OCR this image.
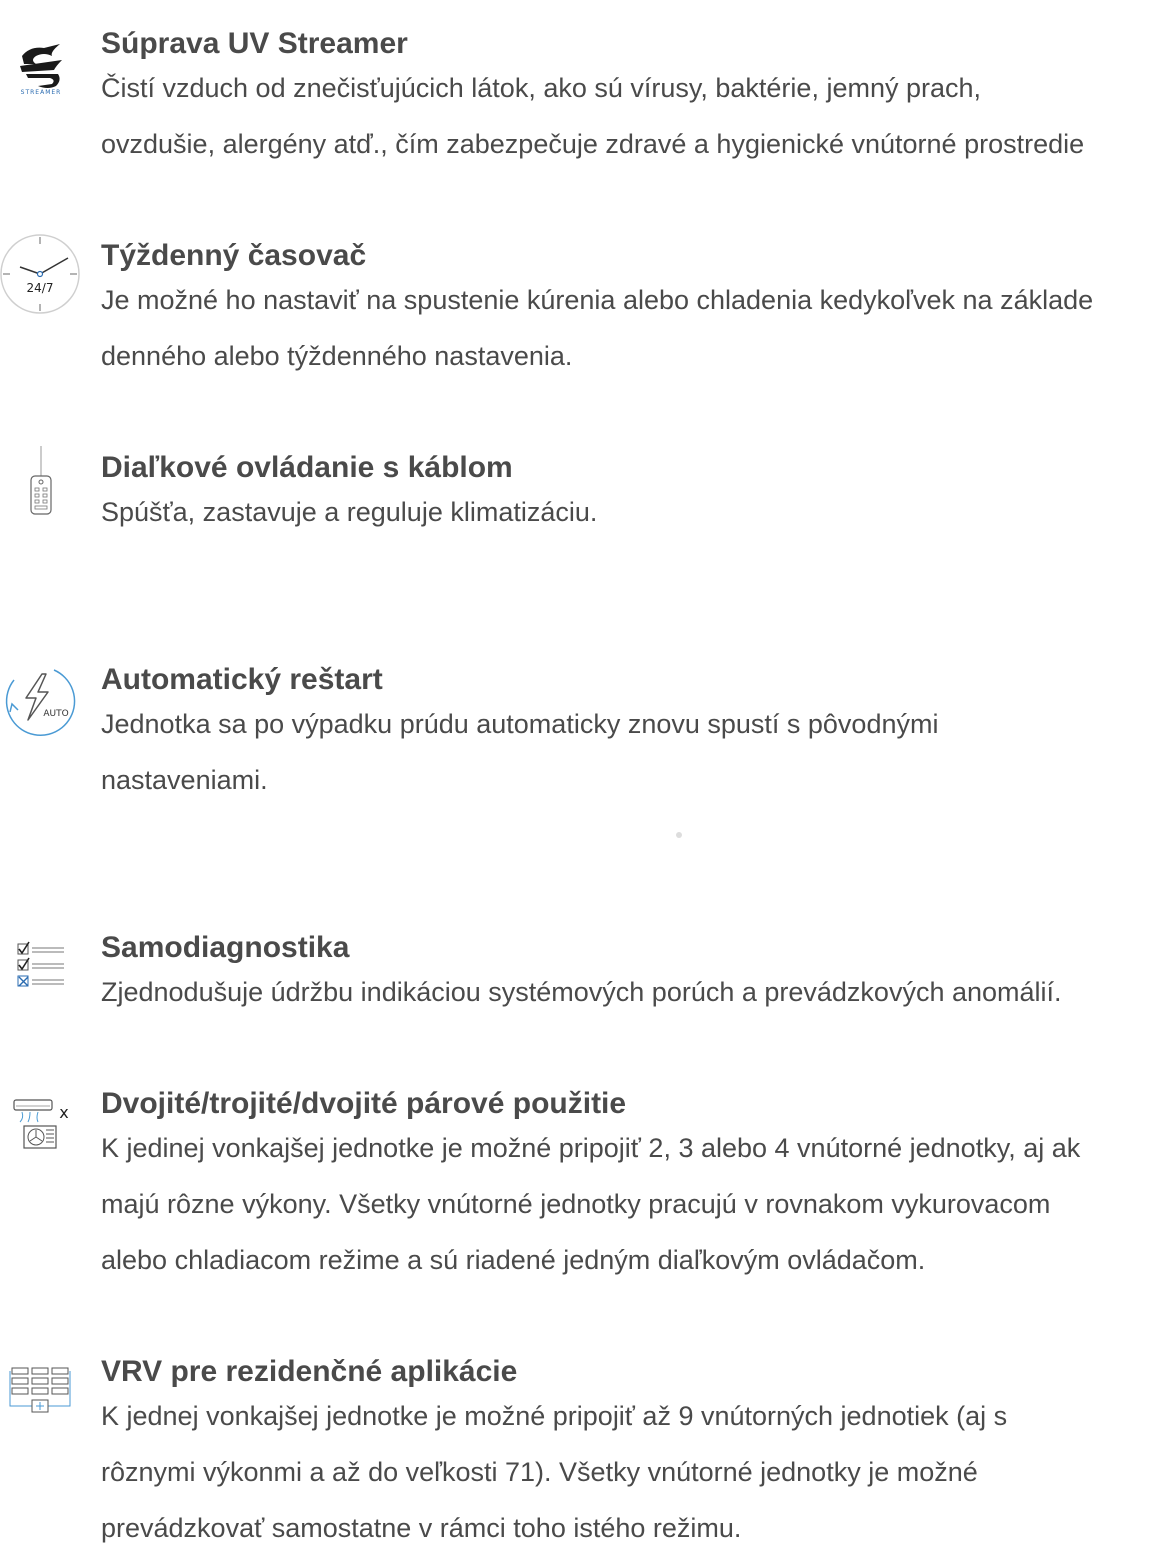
STREAMER
Súprava UV Streamer

Čistí vzduch od znečisťujúcich látok, ako sú vírusy, baktérie, jemný prach,
ovzdušie, alergény atď., čím zabezpečuje zdravé a hygienické vnútorné prostredie

24/7
Týždenný časovač

Je možné ho nastaviť na spustenie kúrenia alebo chladenia kedykoľvek na základe
denného alebo týždenného nastavenia.

Diaľkové ovládanie s káblom

Spúšťa, zastavuje a reguluje klimatizáciu.

AUTO
Automatický reštart

Jednotka sa po výpadku prúdu automaticky znovu spustí s pôvodnými
nastaveniami.

Samodiagnostika

Zjednodušuje údržbu indikáciou systémových porúch a prevádzkových anomálií.

x Dvojité/trojité/dvojité párové použitie

K jedinej vonkajšej jednotke je možné pripojiť 2, 3 alebo 4 vnútorné jednotky, aj ak
majú rôzne výkony. Všetky vnútorné jednotky pracujú v rovnakom vykurovacom
alebo chladiacom režime a sú riadené jedným diaľkovým ovládačom.

VRV pre rezidenčné aplikácie

K jednej vonkajšej jednotke je možné pripojiť až 9 vnútorných jednotiek (aj s
rôznymi výkonmi a až do veľkosti 71). Všetky vnútorné jednotky je možné
prevádzkovať samostatne v rámci toho istého režimu.
